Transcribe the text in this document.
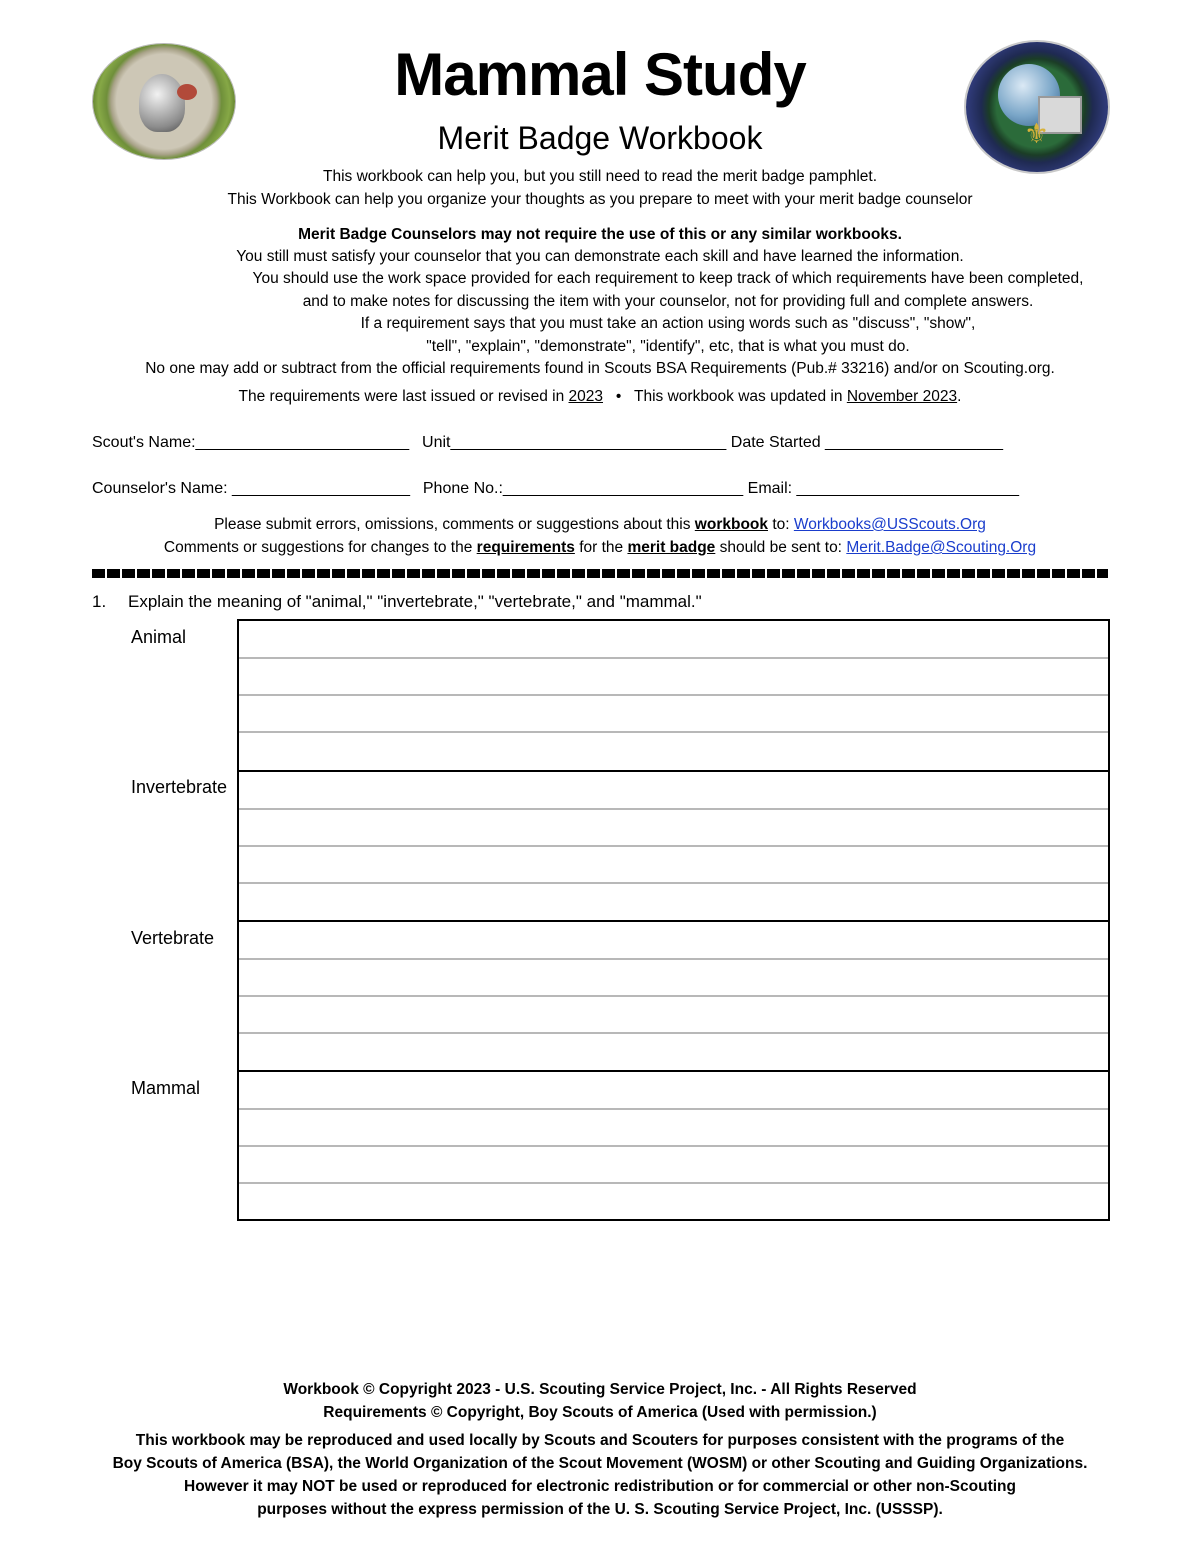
⚜
Mammal Study
Merit Badge Workbook
This workbook can help you, but you still need to read the merit badge pamphlet.
This Workbook can help you organize your thoughts as you prepare to meet with your merit badge counselor
Merit Badge Counselors may not require the use of this or any similar workbooks.
You still must satisfy your counselor that you can demonstrate each skill and have learned the information.
You should use the work space provided for each requirement to keep track of which requirements have been completed,
and to make notes for discussing the item with your counselor, not for providing full and complete answers.
If a requirement says that you must take an action using words such as "discuss", "show",
"tell", "explain", "demonstrate", "identify", etc, that is what you must do.
No one may add or subtract from the official requirements found in Scouts BSA Requirements (Pub.# 33216) and/or on Scouting.org.
The requirements were last issued or revised in 2023 • This workbook was updated in November 2023.
Scout's Name:________________________ Unit_______________________________ Date Started ____________________
Counselor's Name: ____________________ Phone No.:___________________________ Email: _________________________
Please submit errors, omissions, comments or suggestions about this workbook to: Workbooks@USScouts.Org
Comments or suggestions for changes to the requirements for the merit badge should be sent to: Merit.Badge@Scouting.Org
1. Explain the meaning of "animal," "invertebrate," "vertebrate," and "mammal."
Animal
Invertebrate
Vertebrate
Mammal
Workbook © Copyright 2023 - U.S. Scouting Service Project, Inc. - All Rights Reserved
Requirements © Copyright, Boy Scouts of America (Used with permission.)
This workbook may be reproduced and used locally by Scouts and Scouters for purposes consistent with the programs of the
Boy Scouts of America (BSA), the World Organization of the Scout Movement (WOSM) or other Scouting and Guiding Organizations.
However it may NOT be used or reproduced for electronic redistribution or for commercial or other non-Scouting
purposes without the express permission of the U. S. Scouting Service Project, Inc. (USSSP).
